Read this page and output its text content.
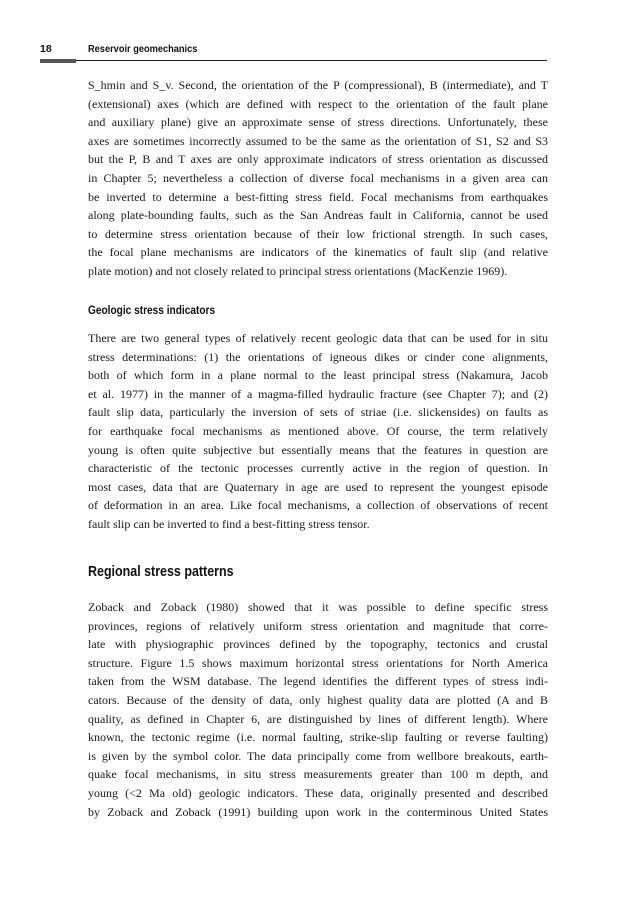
18	Reservoir geomechanics
S_hmin and S_v. Second, the orientation of the P (compressional), B (intermediate), and T
(extensional) axes (which are defined with respect to the orientation of the fault plane
and auxiliary plane) give an approximate sense of stress directions. Unfortunately, these
axes are sometimes incorrectly assumed to be the same as the orientation of S1, S2 and S3
but the P, B and T axes are only approximate indicators of stress orientation as discussed
in Chapter 5; nevertheless a collection of diverse focal mechanisms in a given area can
be inverted to determine a best-fitting stress field. Focal mechanisms from earthquakes
along plate-bounding faults, such as the San Andreas fault in California, cannot be used
to determine stress orientation because of their low frictional strength. In such cases,
the focal plane mechanisms are indicators of the kinematics of fault slip (and relative
plate motion) and not closely related to principal stress orientations (MacKenzie 1969).
Geologic stress indicators
There are two general types of relatively recent geologic data that can be used for in situ
stress determinations: (1) the orientations of igneous dikes or cinder cone alignments,
both of which form in a plane normal to the least principal stress (Nakamura, Jacob
et al. 1977) in the manner of a magma-filled hydraulic fracture (see Chapter 7); and (2)
fault slip data, particularly the inversion of sets of striae (i.e. slickensides) on faults as
for earthquake focal mechanisms as mentioned above. Of course, the term relatively
young is often quite subjective but essentially means that the features in question are
characteristic of the tectonic processes currently active in the region of question. In
most cases, data that are Quaternary in age are used to represent the youngest episode
of deformation in an area. Like focal mechanisms, a collection of observations of recent
fault slip can be inverted to find a best-fitting stress tensor.
Regional stress patterns
Zoback and Zoback (1980) showed that it was possible to define specific stress
provinces, regions of relatively uniform stress orientation and magnitude that corre-
late with physiographic provinces defined by the topography, tectonics and crustal
structure. Figure 1.5 shows maximum horizontal stress orientations for North America
taken from the WSM database. The legend identifies the different types of stress indi-
cators. Because of the density of data, only highest quality data are plotted (A and B
quality, as defined in Chapter 6, are distinguished by lines of different length). Where
known, the tectonic regime (i.e. normal faulting, strike-slip faulting or reverse faulting)
is given by the symbol color. The data principally come from wellbore breakouts, earth-
quake focal mechanisms, in situ stress measurements greater than 100 m depth, and
young (<2 Ma old) geologic indicators. These data, originally presented and described
by Zoback and Zoback (1991) building upon work in the conterminous United States
